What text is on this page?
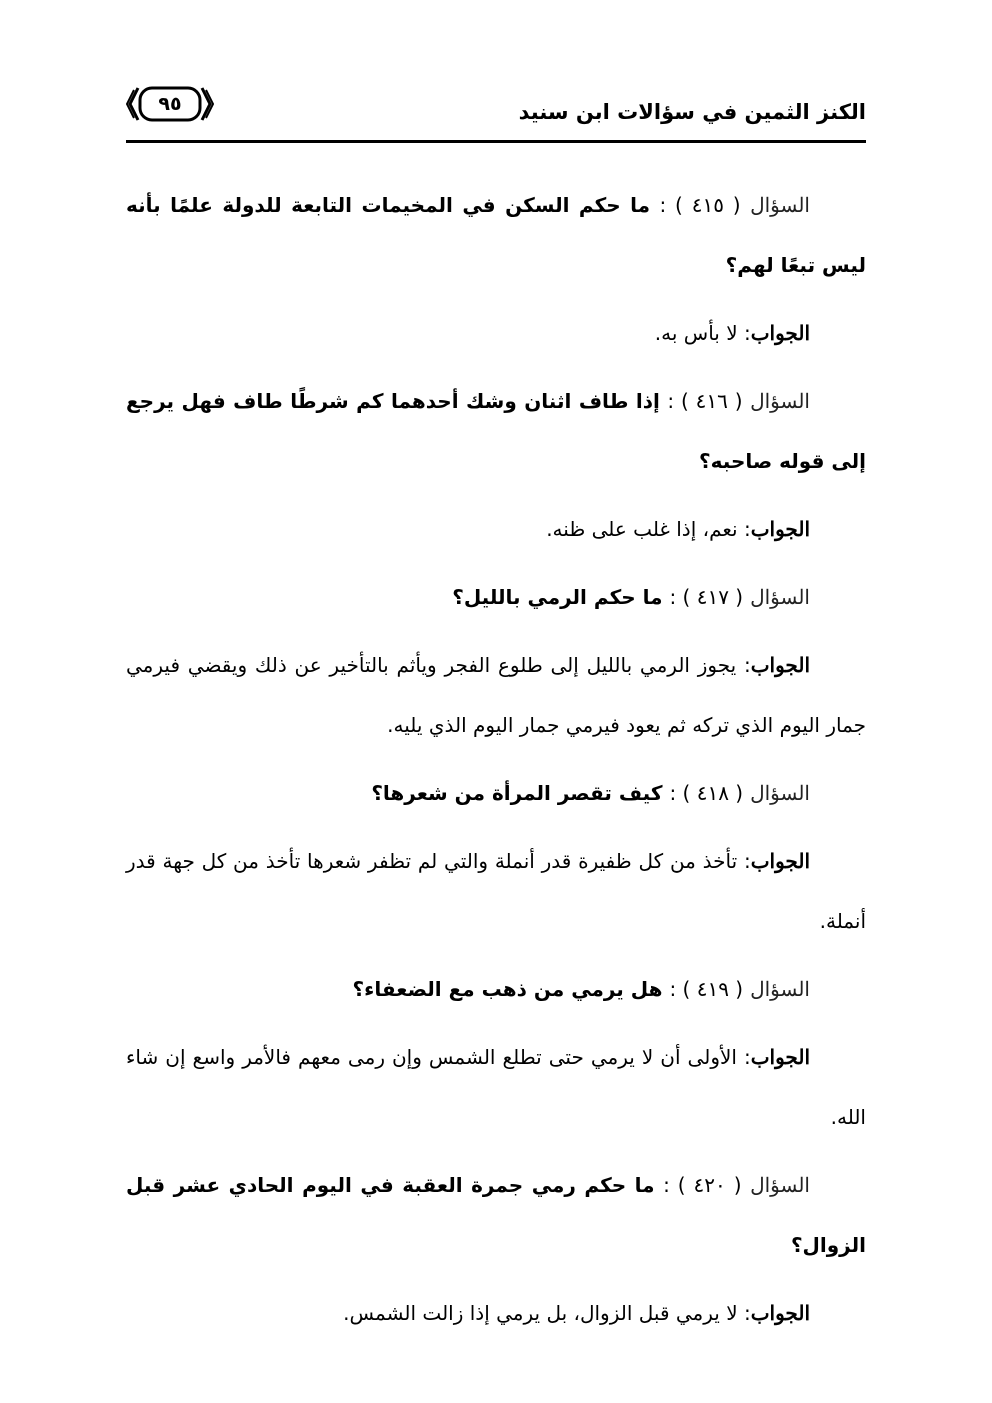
الكنز الثمين في سؤالات ابن سنيد
٩٥

السؤال ( ٤١٥ ) : ما حكم السكن في المخيمات التابعة للدولة علمًا بأنه ليس تبعًا لهم؟

الجواب: لا بأس به.

السؤال ( ٤١٦ ) : إذا طاف اثنان وشك أحدهما كم شرطًا طاف فهل يرجع إلى قوله صاحبه؟

الجواب: نعم، إذا غلب على ظنه.

السؤال ( ٤١٧ ) : ما حكم الرمي بالليل؟

الجواب: يجوز الرمي بالليل إلى طلوع الفجر ويأثم بالتأخير عن ذلك ويقضي فيرمي جمار اليوم الذي تركه ثم يعود فيرمي جمار اليوم الذي يليه.

السؤال ( ٤١٨ ) : كيف تقصر المرأة من شعرها؟

الجواب: تأخذ من كل ظفيرة قدر أنملة والتي لم تظفر شعرها تأخذ من كل جهة قدر أنملة.

السؤال ( ٤١٩ ) : هل يرمي من ذهب مع الضعفاء؟

الجواب: الأولى أن لا يرمي حتى تطلع الشمس وإن رمى معهم فالأمر واسع إن شاء الله.

السؤال ( ٤٢٠ ) : ما حكم رمي جمرة العقبة في اليوم الحادي عشر قبل الزوال؟

الجواب: لا يرمي قبل الزوال، بل يرمي إذا زالت الشمس.
